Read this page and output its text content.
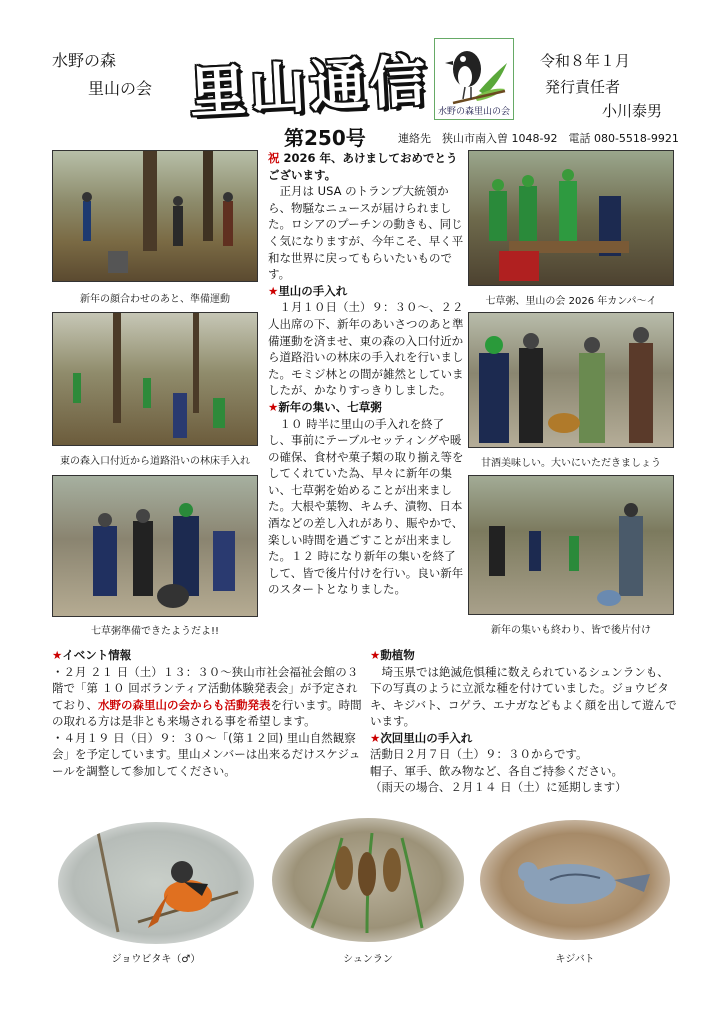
水野の森
里山の会 里山通信
第250号
水野の森里山の会
令和８年１月
発行責任者
小川泰男
連絡先　狭山市南入曽 1048-92　電話 080-5518-9921
新年の顔合わせのあと、準備運動
東の森入口付近から道路沿いの林床手入れ
七草粥準備できたようだよ!!
祝 2026 年、あけましておめでとうございます。

正月は USA のトランプ大統領から、物騒なニュースが届けられました。ロシアのプーチンの動きも、同じく気になりますが、今年こそ、早く平和な世界に戻ってもらいたいものです。

★里山の手入れ

１月１０日（土）９：３０～、２２人出席の下、新年のあいさつのあと準備運動を済ませ、東の森の入口付近から道路沿いの林床の手入れを行いました。モミジ林との間が雑然としていましたが、かなりすっきりしました。

★新年の集い、七草粥

１０ 時半に里山の手入れを終了し、事前にテーブルセッティングや暖の確保、食材や菓子類の取り揃え等をしてくれていた為、早々に新年の集い、七草粥を始めることが出来ました。大根や葉物、キムチ、漬物、日本酒などの差し入れがあり、賑やかで、楽しい時間を過ごすことが出来ました。１２ 時になり新年の集いを終了して、皆で後片付けを行い。良い新年のスタートとなりました。

七草粥、里山の会 2026 年カンパ～イ
甘酒美味しい。大いにいただきましょう
新年の集いも終わり、皆で後片付け
★イベント情報
・２月 ２１ 日（土）１３：３０～狭山市社会福祉会館の３ 階で「第 １０ 回ボランティア活動体験発表会」が予定されており、水野の森里山の会からも活動発表を行います。時間の取れる方は是非とも来場される事を希望します。
・４月１９ 日（日）９：３０～「(第１２回) 里山自然観察会」を予定しています。里山メンバーは出来るだけスケジュールを調整して参加してください。
★動植物
埼玉県では絶滅危惧種に数えられているシュンランも、下の写真のように立派な種を付けていました。ジョウビタキ、キジバト、コゲラ、エナガなどもよく顔を出して遊んでいます。
★次回里山の手入れ
活動日２月７日（土）９：３０からです。
帽子、軍手、飲み物など、各自ご持参ください。
（雨天の場合、２月１４ 日（土）に延期します）
ジョウビタキ（♂）	シュンラン	キジバト
